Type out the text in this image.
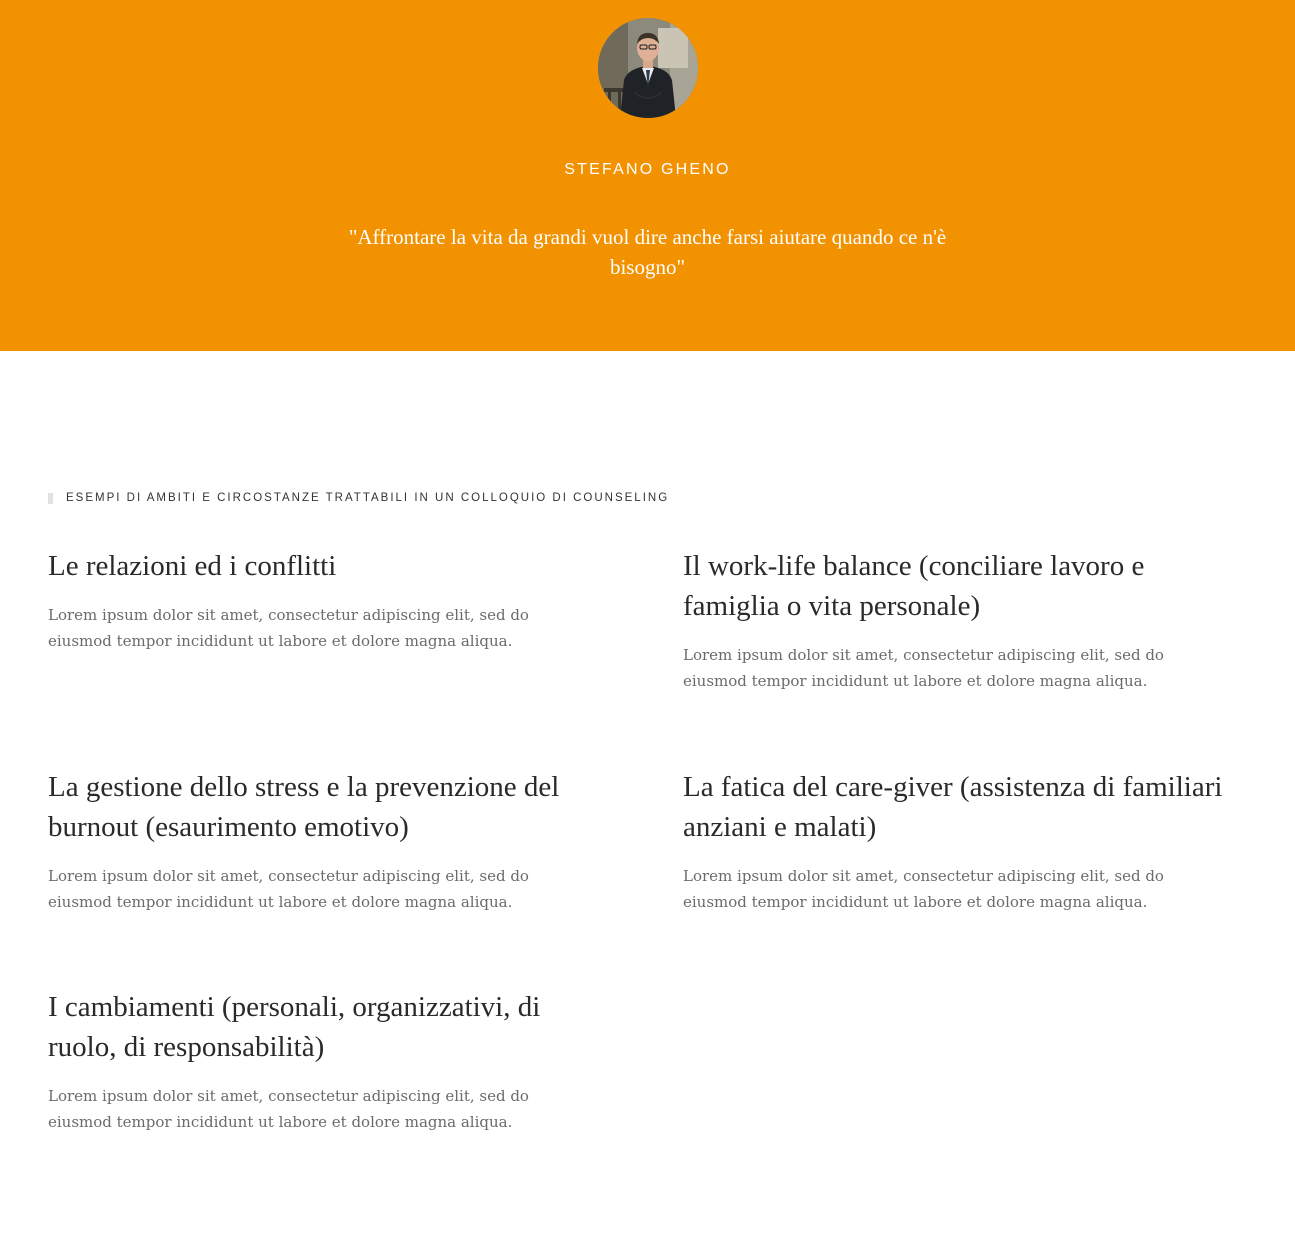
STEFANO GHENO
"Affrontare la vita da grandi vuol dire anche farsi aiutare quando ce n'è bisogno"
ESEMPI DI AMBITI E CIRCOSTANZE TRATTABILI IN UN COLLOQUIO DI COUNSELING
Le relazioni ed i conflitti

Lorem ipsum dolor sit amet, consectetur adipiscing elit, sed do eiusmod tempor incididunt ut labore et dolore magna aliqua.

Il work-life balance (conciliare lavoro e famiglia o vita personale)

Lorem ipsum dolor sit amet, consectetur adipiscing elit, sed do eiusmod tempor incididunt ut labore et dolore magna aliqua.

La gestione dello stress e la prevenzione del burnout (esaurimento emotivo)

Lorem ipsum dolor sit amet, consectetur adipiscing elit, sed do eiusmod tempor incididunt ut labore et dolore magna aliqua.

La fatica del care-giver (assistenza di familiari anziani e malati)

Lorem ipsum dolor sit amet, consectetur adipiscing elit, sed do eiusmod tempor incididunt ut labore et dolore magna aliqua.

I cambiamenti (personali, organizzativi, di ruolo, di responsabilità)

Lorem ipsum dolor sit amet, consectetur adipiscing elit, sed do eiusmod tempor incididunt ut labore et dolore magna aliqua.
